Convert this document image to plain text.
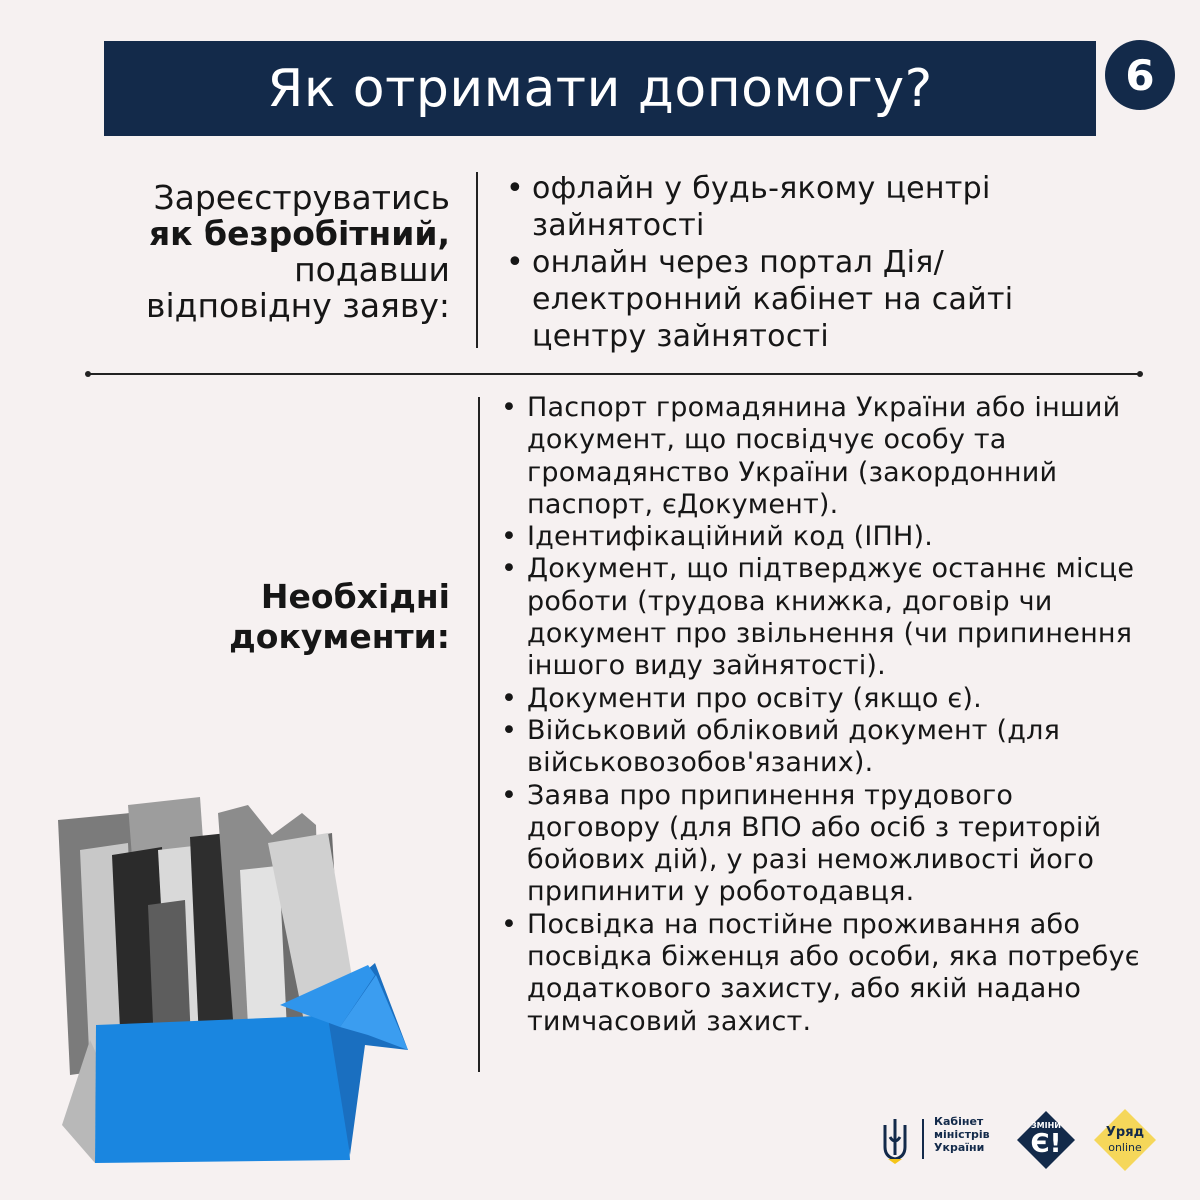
Як отримати допомогу?	6
Зареєструватись
як безробітний,
подавши
відповідну заяву:
• офлайн у будь-якому центрі зайнятості
• онлайн через портал Дія/ електронний кабінет на сайті центру зайнятості
Необхідні
документи:
• Паспорт громадянина України або інший документ, що посвідчує особу та громадянство України (закордонний паспорт, єДокумент).
• Ідентифікаційний код (ІПН).
• Документ, що підтверджує останнє місце роботи (трудова книжка, договір чи документ про звільнення (чи припинення іншого виду зайнятості).
• Документи про освіту (якщо є).
• Військовий обліковий документ (для військовозобов'язаних).
• Заява про припинення трудового договору (для ВПО або осіб з територій бойових дій), у разі неможливості його припинити у роботодавця.
• Посвідка на постійне проживання або посвідка біженця або особи, яка потребує додаткового захисту, або якій надано тимчасовий захист.
Кабінет
міністрів
України
ЗМІНИ
Є!	Уряд
online
